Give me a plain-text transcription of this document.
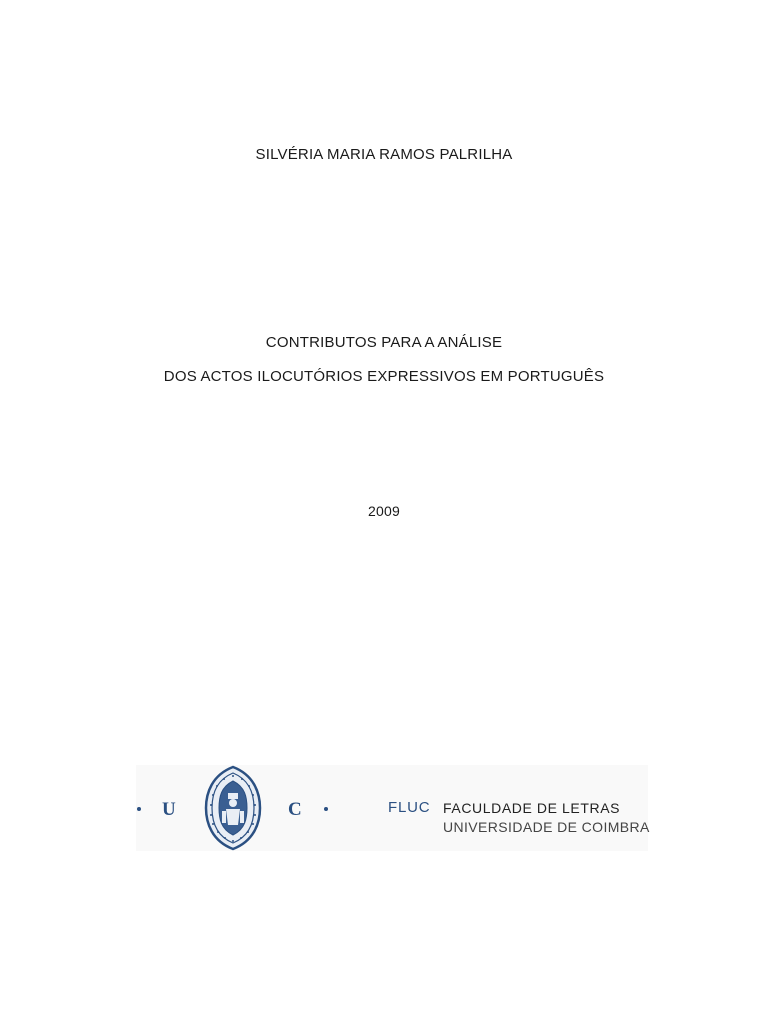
SILVÉRIA MARIA RAMOS PALRILHA
CONTRIBUTOS PARA A ANÁLISE
DOS ACTOS ILOCUTÓRIOS EXPRESSIVOS EM PORTUGUÊS
2009
U	C	FLUC FACULDADE DE LETRAS
UNIVERSIDADE DE COIMBRA
